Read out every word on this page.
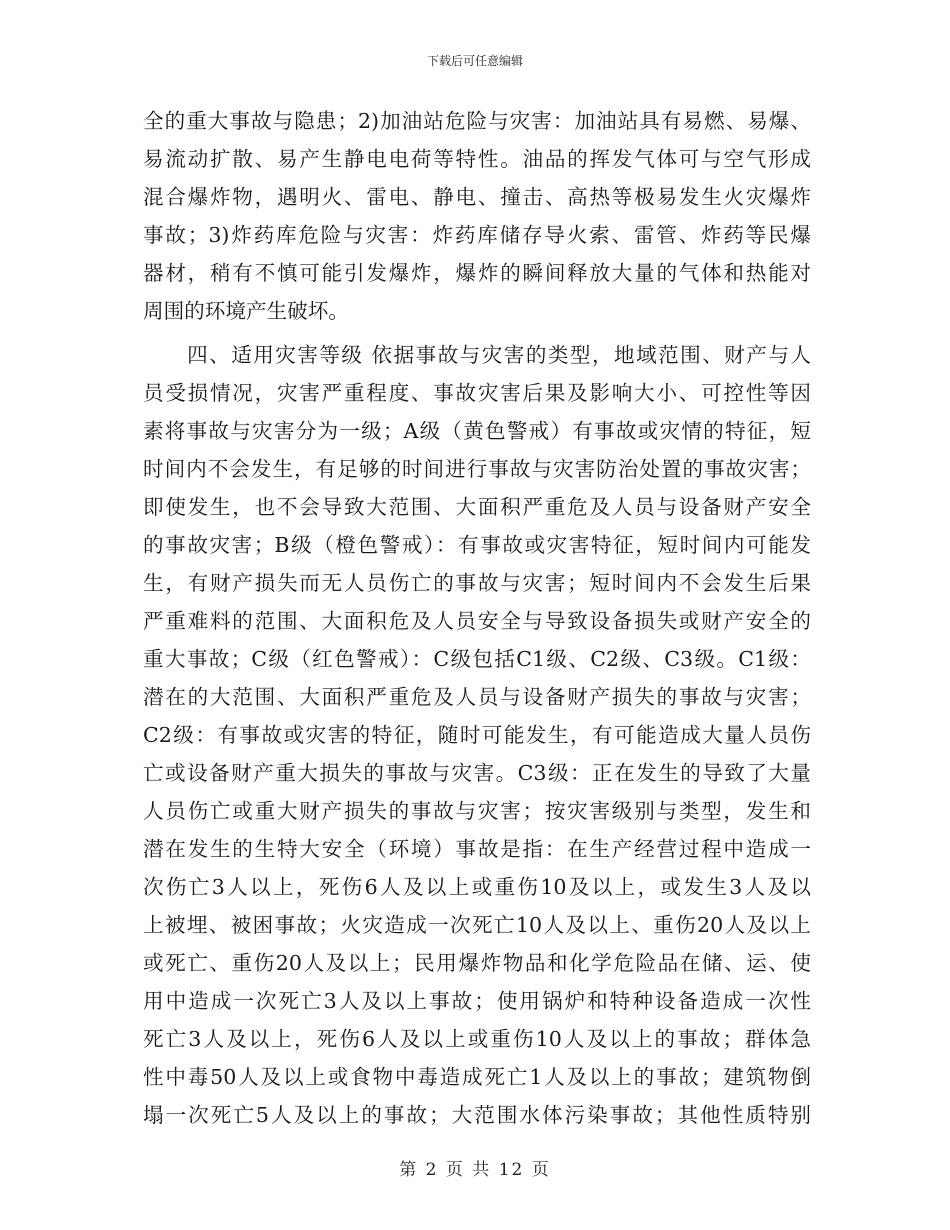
下载后可任意编辑
全的重大事故与隐患；2)加油站危险与灾害：加油站具有易燃、易爆、
易流动扩散、易产生静电电荷等特性。油品的挥发气体可与空气形成
混合爆炸物，遇明火、雷电、静电、撞击、高热等极易发生火灾爆炸
事故；3)炸药库危险与灾害：炸药库储存导火索、雷管、炸药等民爆
器材，稍有不慎可能引发爆炸，爆炸的瞬间释放大量的气体和热能对
周围的环境产生破坏。
　　四、适用灾害等级 依据事故与灾害的类型，地域范围、财产与人
员受损情况，灾害严重程度、事故灾害后果及影响大小、可控性等因
素将事故与灾害分为一级；A级（黄色警戒）有事故或灾情的特征，短
时间内不会发生，有足够的时间进行事故与灾害防治处置的事故灾害；
即使发生，也不会导致大范围、大面积严重危及人员与设备财产安全
的事故灾害；B级（橙色警戒）：有事故或灾害特征，短时间内可能发
生，有财产损失而无人员伤亡的事故与灾害；短时间内不会发生后果
严重难料的范围、大面积危及人员安全与导致设备损失或财产安全的
重大事故；C级（红色警戒）：C级包括C1级、C2级、C3级。C1级：
潜在的大范围、大面积严重危及人员与设备财产损失的事故与灾害；
C2级：有事故或灾害的特征，随时可能发生，有可能造成大量人员伤
亡或设备财产重大损失的事故与灾害。C3级：正在发生的导致了大量
人员伤亡或重大财产损失的事故与灾害；按灾害级别与类型，发生和
潜在发生的生特大安全（环境）事故是指：在生产经营过程中造成一
次伤亡3人以上，死伤6人及以上或重伤10及以上，或发生3人及以
上被埋、被困事故；火灾造成一次死亡10人及以上、重伤20人及以上
或死亡、重伤20人及以上；民用爆炸物品和化学危险品在储、运、使
用中造成一次死亡3人及以上事故；使用锅炉和特种设备造成一次性
死亡3人及以上，死伤6人及以上或重伤10人及以上的事故；群体急
性中毒50人及以上或食物中毒造成死亡1人及以上的事故；建筑物倒
塌一次死亡5人及以上的事故；大范围水体污染事故；其他性质特别
第 2 页 共 12 页
